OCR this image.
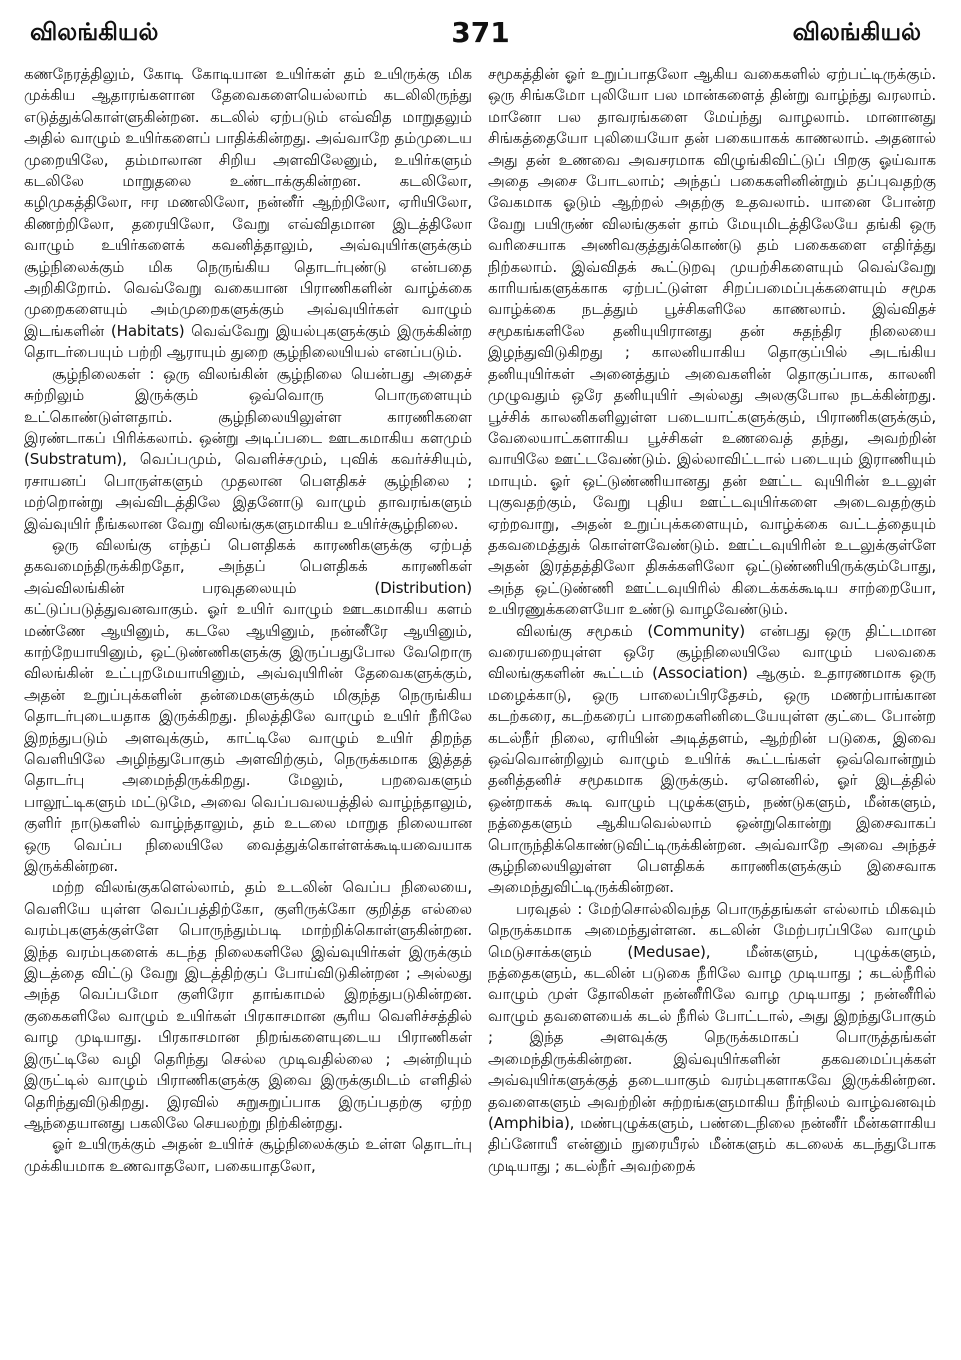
விலங்கியல்	371	விலங்கியல்

கணநேரத்திலும், கோடி கோடியான உயிர்கள் தம் உயிருக்கு மிக முக்கிய ஆதாரங்களான தேவைகளையெல்லாம் கடலிலிருந்து எடுத்துக்கொள்ளுகின்றன. கடலில் ஏற்படும் எவ்வித மாறுதலும் அதில் வாழும் உயிர்களைப் பாதிக்கின்றது. அவ்வாறே தம்முடைய முறையிலே, தம்மாலான சிறிய அளவிலேனும், உயிர்களும் கடலிலே மாறுதலை உண்டாக்குகின்றன. கடலிலோ, கழிமுகத்திலோ, ஈர மணலிலோ, நன்னீர் ஆற்றிலோ, ஏரியிலோ, கிணற்றிலோ, தரையிலோ, வேறு எவ்விதமான இடத்திலோ வாழும் உயிர்களைக் கவனித்தாலும், அவ்வுயிர்களுக்கும் சூழ்நிலைக்கும் மிக நெருங்கிய தொடர்புண்டு என்பதை அறிகிறோம். வெவ்வேறு வகையான பிராணிகளின் வாழ்க்கை முறைகளையும் அம்முறைகளுக்கும் அவ்வுயிர்கள் வாழும் இடங்களின் (Habitats) வெவ்வேறு இயல்புகளுக்கும் இருக்கின்ற தொடர்பையும் பற்றி ஆராயும் துறை சூழ்நிலையியல் எனப்படும்.

சூழ்நிலைகள் : ஒரு விலங்கின் சூழ்நிலை யென்பது அதைச் சுற்றிலும் இருக்கும் ஒவ்வொரு பொருளையும் உட்கொண்டுள்ளதாம். சூழ்நிலையிலுள்ள காரணிகளை இரண்டாகப் பிரிக்கலாம். ஒன்று அடிப்படை ஊடகமாகிய களமும் (Substratum), வெப்பமும், வெளிச்சமும், புவிக் கவர்ச்சியும், ரசாயனப் பொருள்களும் முதலான பௌதிகச் சூழ்நிலை ; மற்றொன்று அவ்விடத்திலே இதனோடு வாழும் தாவரங்களும் இவ்வுயிர் நீங்கலான வேறு விலங்குகளுமாகிய உயிர்ச்சூழ்நிலை.

ஒரு விலங்கு எந்தப் பௌதிகக் காரணிகளுக்கு ஏற்பத் தகவமைந்திருக்கிறதோ, அந்தப் பௌதிகக் காரணிகள் அவ்விலங்கின் பரவுதலையும் (Distribution) கட்டுப்படுத்துவனவாகும். ஓர் உயிர் வாழும் ஊடகமாகிய களம் மண்ணே ஆயினும், கடலே ஆயினும், நன்னீரே ஆயினும், காற்றேயாயினும், ஒட்டுண்ணிகளுக்கு இருப்பதுபோல வேறொரு விலங்கின் உட்புறமேயாயினும், அவ்வுயிரின் தேவைகளுக்கும், அதன் உறுப்புக்களின் தன்மைகளுக்கும் மிகுந்த நெருங்கிய தொடர்புடையதாக இருக்கிறது. நிலத்திலே வாழும் உயிர் நீரிலே இறந்துபடும் அளவுக்கும், காட்டிலே வாழும் உயிர் திறந்த வெளியிலே அழிந்துபோகும் அளவிற்கும், நெருக்கமாக இத்தத் தொடர்பு அமைந்திருக்கிறது. மேலும், பறவைகளும் பாலூட்டிகளும் மட்டுமே, அவை வெப்பவலயத்தில் வாழ்ந்தாலும், குளிர் நாடுகளில் வாழ்ந்தாலும், தம் உடலை மாறுத நிலையான ஒரு வெப்ப நிலையிலே வைத்துக்கொள்ளக்கூடியவையாக இருக்கின்றன.

மற்ற விலங்குகளெல்லாம், தம் உடலின் வெப்ப நிலையை, வெளியே யுள்ள வெப்பத்திற்கோ, குளிருக்கோ குறித்த எல்லை வரம்புகளுக்குள்ளே பொருந்தும்படி மாற்றிக்கொள்ளுகின்றன. இந்த வரம்புகளைக் கடந்த நிலைகளிலே இவ்வுயிர்கள் இருக்கும் இடத்தை விட்டு வேறு இடத்திற்குப் போய்விடுகின்றன ; அல்லது அந்த வெப்பமோ குளிரோ தாங்காமல் இறந்துபடுகின்றன. குகைகளிலே வாழும் உயிர்கள் பிரகாசமான சூரிய வெளிச்சத்தில் வாழ முடியாது. பிரகாசமான நிறங்களையுடைய பிராணிகள் இருட்டிலே வழி தெரிந்து செல்ல முடிவதில்லை ; அன்றியும் இருட்டில் வாழும் பிராணிகளுக்கு இவை இருக்குமிடம் எளிதில் தெரிந்துவிடுகிறது. இரவில் சுறுசுறுப்பாக இருப்பதற்கு ஏற்ற ஆந்தையானது பகலிலே செயலற்று நிற்கின்றது.

ஓர் உயிருக்கும் அதன் உயிர்ச் சூழ்நிலைக்கும் உள்ள தொடர்பு முக்கியமாக உணவாதலோ, பகையாதலோ,

சமூகத்தின் ஓர் உறுப்பாதலோ ஆகிய வகைகளில் ஏற்பட்டிருக்கும். ஒரு சிங்கமோ புலியோ பல மான்களைத் தின்று வாழ்ந்து வரலாம். மானோ பல தாவரங்களை மேய்ந்து வாழலாம். மானானது சிங்கத்தையோ புலியையோ தன் பகையாகக் காணலாம். அதனால் அது தன் உணவை அவசரமாக விழுங்கிவிட்டுப் பிறகு ஓய்வாக அதை அசை போடலாம்; அந்தப் பகைகளினின்றும் தப்புவதற்கு வேகமாக ஓடும் ஆற்றல் அதற்கு உதவலாம். யானை போன்ற வேறு பயிருண் விலங்குகள் தாம் மேயுமிடத்திலேயே தங்கி ஒரு வரிசையாக அணிவகுத்துக்கொண்டு தம் பகைகளை எதிர்த்து நிற்கலாம். இவ்விதக் கூட்டுறவு முயற்சிகளையும் வெவ்வேறு காரியங்களுக்காக ஏற்பட்டுள்ள சிறப்பமைப்புக்களையும் சமூக வாழ்க்கை நடத்தும் பூச்சிகளிலே காணலாம். இவ்விதச் சமூகங்களிலே தனியுயிரானது தன் சுதந்திர நிலையை இழந்துவிடுகிறது ; காலனியாகிய தொகுப்பில் அடங்கிய தனியுயிர்கள் அனைத்தும் அவைகளின் தொகுப்பாக, காலனி முழுவதும் ஒரே தனியுயிர் அல்லது அலகுபோல நடக்கின்றது. பூச்சிக் காலனிகளிலுள்ள படையாட்களுக்கும், பிராணிகளுக்கும், வேலையாட்களாகிய பூச்சிகள் உணவைத் தந்து, அவற்றின் வாயிலே ஊட்டவேண்டும். இல்லாவிட்டால் படையும் இராணியும் மாயும். ஓர் ஒட்டுண்ணியானது தன் ஊட்ட வுயிரின் உடலுள் புகுவதற்கும், வேறு புதிய ஊட்டவுயிர்களை அடைவதற்கும் ஏற்றவாறு, அதன் உறுப்புக்களையும், வாழ்க்கை வட்டத்தையும் தகவமைத்துக் கொள்ளவேண்டும். ஊட்டவுயிரின் உடலுக்குள்ளே அதன் இரத்தத்திலோ திசுக்களிலோ ஒட்டுண்ணியிருக்கும்போது, அந்த ஒட்டுண்ணி ஊட்டவுயிரில் கிடைக்கக்கூடிய சாற்றையோ, உயிரணுக்களையோ உண்டு வாழவேண்டும்.

விலங்கு சமூகம் (Community) என்பது ஒரு திட்டமான வரையறையுள்ள ஒரே சூழ்நிலையிலே வாழும் பலவகை விலங்குகளின் கூட்டம் (Association) ஆகும். உதாரணமாக ஒரு மழைக்காடு, ஒரு பாலைப்பிரதேசம், ஒரு மணற்பாங்கான கடற்கரை, கடற்கரைப் பாறைகளினிடையேயுள்ள குட்டை போன்ற கடல்நீர் நிலை, ஏரியின் அடித்தளம், ஆற்றின் படுகை, இவை ஒவ்வொன்றிலும் வாழும் உயிர்க் கூட்டங்கள் ஒவ்வொன்றும் தனித்தனிச் சமூகமாக இருக்கும். ஏனெனில், ஓர் இடத்தில் ஒன்றாகக் கூடி வாழும் புழுக்களும், நண்டுகளும், மீன்களும், நத்தைகளும் ஆகியவெல்லாம் ஒன்றுகொன்று இசைவாகப் பொருந்திக்கொண்டுவிட்டிருக்கின்றன. அவ்வாறே அவை அந்தச் சூழ்நிலையிலுள்ள பௌதிகக் காரணிகளுக்கும் இசைவாக அமைந்துவிட்டிருக்கின்றன.

பரவுதல் : மேற்சொல்லிவந்த பொருத்தங்கள் எல்லாம் மிகவும் நெருக்கமாக அமைந்துள்ளன. கடலின் மேற்பரப்பிலே வாழும் மெடுசாக்களும் (Medusae), மீன்களும், புழுக்களும், நத்தைகளும், கடலின் படுகை நீரிலே வாழ முடியாது ; கடல்நீரில் வாழும் முள் தோலிகள் நன்னீரிலே வாழ முடியாது ; நன்னீரில் வாழும் தவளையைக் கடல் நீரில் போட்டால், அது இறந்துபோகும் ; இந்த அளவுக்கு நெருக்கமாகப் பொருத்தங்கள் அமைந்திருக்கின்றன. இவ்வுயிர்களின் தகவமைப்புக்கள் அவ்வுயிர்களுக்குத் தடையாகும் வரம்புகளாகவே இருக்கின்றன. தவளைகளும் அவற்றின் சுற்றங்களுமாகிய நீர்நிலம் வாழ்வனவும் (Amphibia), மண்புழுக்களும், பண்டைநிலை நன்னீர் மீன்களாகிய திப்னோயீ என்னும் நுரையீரல் மீன்களும் கடலைக் கடந்துபோக முடியாது ; கடல்நீர் அவற்றைக்
